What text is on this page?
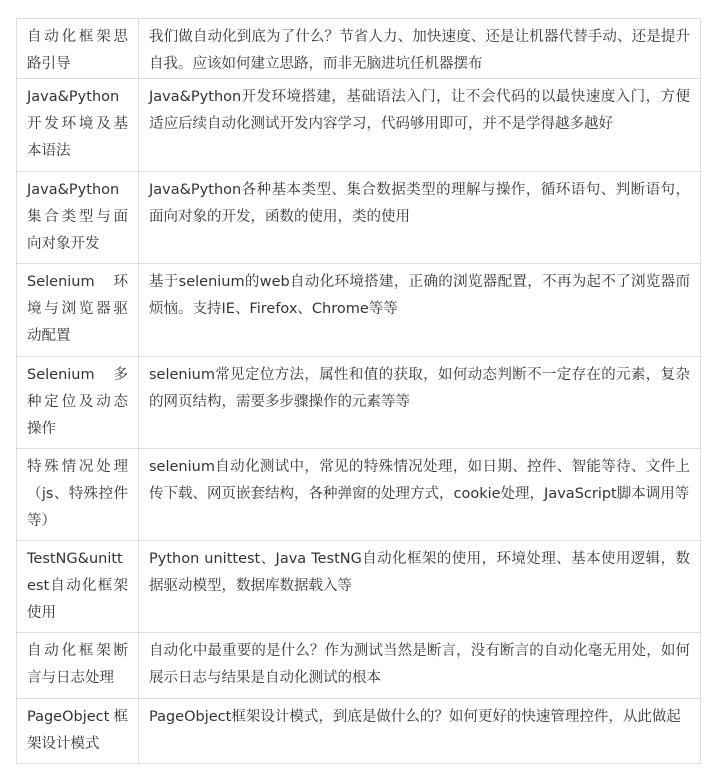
自动化框架思路引导	我们做自动化到底为了什么？节省人力、加快速度、还是让机器代替手动、还是提升自我。应该如何建立思路，而非无脑进坑任机器摆布
Java&Python开发环境及基本语法	Java&Python开发环境搭建，基础语法入门，让不会代码的以最快速度入门，方便适应后续自动化测试开发内容学习，代码够用即可，并不是学得越多越好
Java&Python集合类型与面向对象开发	Java&Python各种基本类型、集合数据类型的理解与操作，循环语句、判断语句，面向对象的开发，函数的使用，类的使用
Selenium 环境与浏览器驱动配置	基于selenium的web自动化环境搭建，正确的浏览器配置，不再为起不了浏览器而烦恼。支持IE、Firefox、Chrome等等
Selenium 多种定位及动态操作	selenium常见定位方法，属性和值的获取，如何动态判断不一定存在的元素，复杂的网页结构，需要多步骤操作的元素等等
特殊情况处理（js、特殊控件等）	selenium自动化测试中，常见的特殊情况处理，如日期、控件、智能等待、文件上传下载、网页嵌套结构，各种弹窗的处理方式，cookie处理，JavaScript脚本调用等
TestNG&unittest自动化框架使用	Python unittest、Java TestNG自动化框架的使用，环境处理、基本使用逻辑，数据驱动模型，数据库数据载入等
自动化框架断言与日志处理	自动化中最重要的是什么？作为测试当然是断言，没有断言的自动化毫无用处，如何展示日志与结果是自动化测试的根本
PageObject框架设计模式	PageObject框架设计模式，到底是做什么的？如何更好的快速管理控件，从此做起
